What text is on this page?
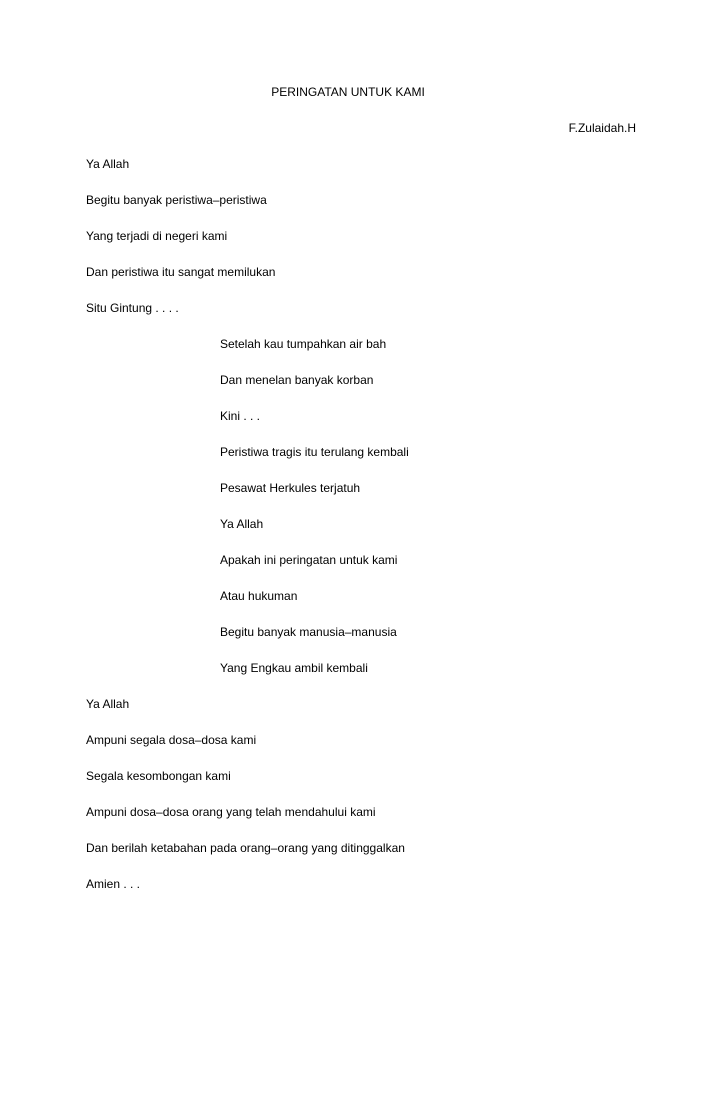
PERINGATAN UNTUK KAMI
F.Zulaidah.H
Ya Allah
Begitu banyak peristiwa–peristiwa
Yang terjadi di negeri kami
Dan peristiwa itu sangat memilukan
Situ Gintung . . . .
Setelah kau tumpahkan air bah
Dan menelan banyak korban
Kini . . .
Peristiwa tragis itu terulang kembali
Pesawat Herkules terjatuh
Ya Allah
Apakah ini peringatan untuk kami
Atau hukuman
Begitu banyak manusia–manusia
Yang Engkau ambil kembali
Ya Allah
Ampuni segala dosa–dosa kami
Segala kesombongan kami
Ampuni dosa–dosa orang yang telah mendahului kami
Dan berilah ketabahan pada orang–orang yang ditinggalkan
Amien . . .
